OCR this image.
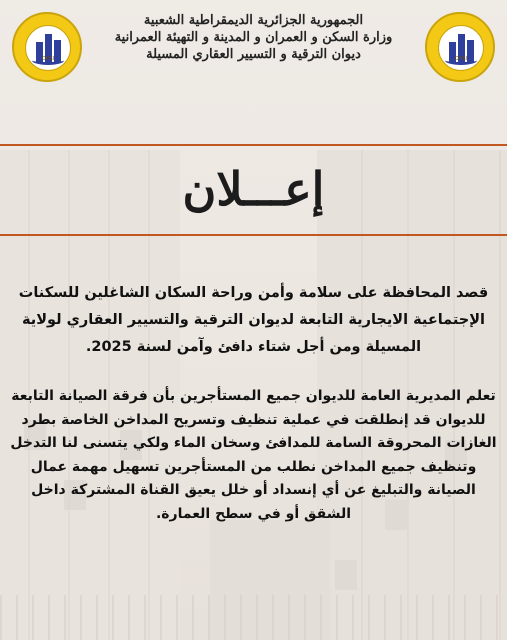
OPGI
الجمهورية الجزائرية الديمقراطية الشعبية
وزارة السكن و العمران و المدينة و التهيئة العمرانية
ديوان الترقية و التسيير العقاري المسيلة	OPGI
إعـــلان
قصد المحافظة على سلامة وأمن وراحة السكان الشاغلين للسكنات الإجتماعية الايجارية التابعة لديوان الترقية والتسيير العقاري لولاية المسيلة ومن أجل شتاء دافئ وآمن لسنة 2025.
تعلم المديرية العامة للديوان جميع المستأجرين بأن فرقة الصيانة التابعة للديوان قد إنطلقت في عملية تنظيف وتسريح المداخن الخاصة بطرد الغازات المحروقة السامة للمدافئ وسخان الماء ولكي يتسنى لنا التدخل وتنظيف جميع المداخن نطلب من المستأجرين تسهيل مهمة عمال الصيانة والتبليغ عن أي إنسداد أو خلل يعيق القناة المشتركة داخل الشقق أو في سطح العمارة.
